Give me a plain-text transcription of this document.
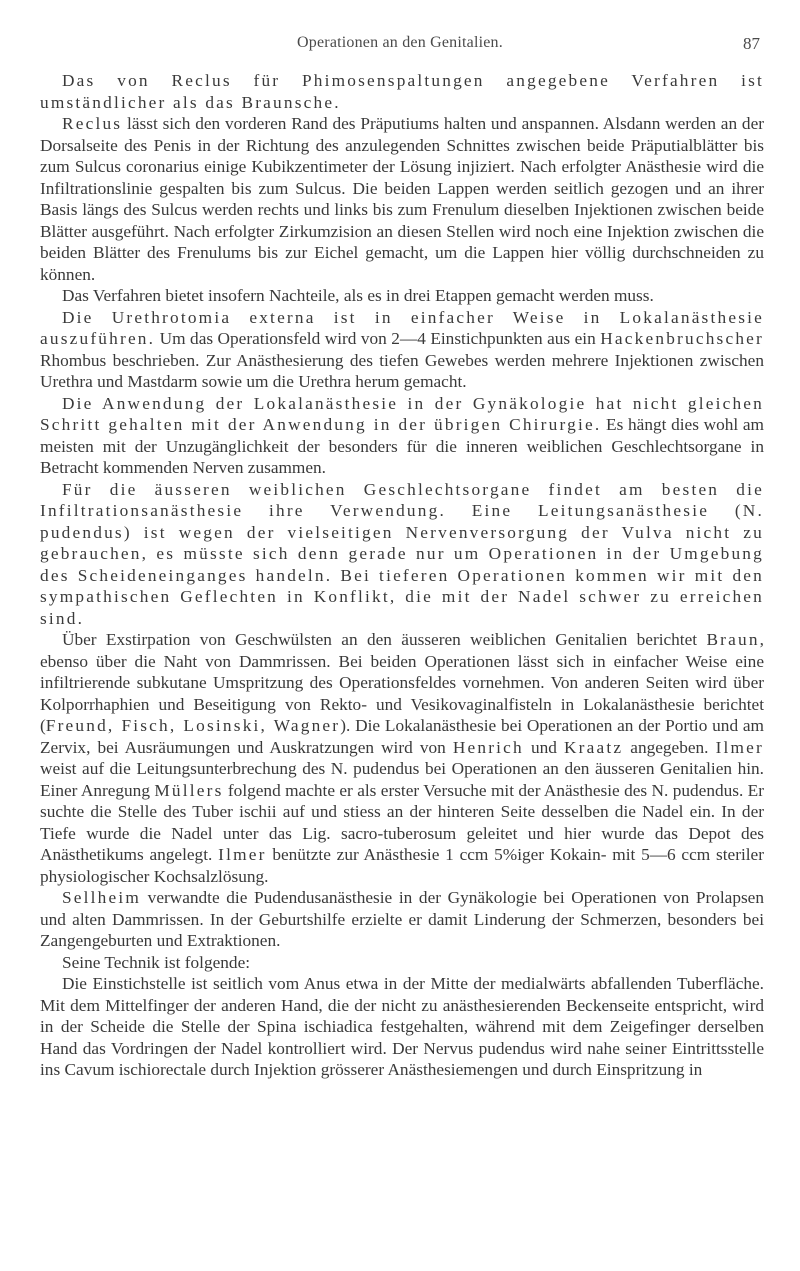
Operationen an den Genitalien.	87

Das von Reclus für Phimosenspaltungen angegebene Verfahren ist umständlicher als das Braunsche.

Reclus lässt sich den vorderen Rand des Präputiums halten und anspannen. Alsdann werden an der Dorsalseite des Penis in der Richtung des anzulegenden Schnittes zwischen beide Präputialblätter bis zum Sulcus coronarius einige Kubikzentimeter der Lösung injiziert. Nach erfolgter Anästhesie wird die Infiltrationslinie gespalten bis zum Sulcus. Die beiden Lappen werden seitlich gezogen und an ihrer Basis längs des Sulcus werden rechts und links bis zum Frenulum dieselben Injektionen zwischen beide Blätter ausgeführt. Nach erfolgter Zirkumzision an diesen Stellen wird noch eine Injektion zwischen die beiden Blätter des Frenulums bis zur Eichel gemacht, um die Lappen hier völlig durchschneiden zu können.

Das Verfahren bietet insofern Nachteile, als es in drei Etappen gemacht werden muss.

Die Urethrotomia externa ist in einfacher Weise in Lokalanästhesie auszuführen. Um das Operationsfeld wird von 2—4 Einstichpunkten aus ein Hackenbruchscher Rhombus beschrieben. Zur Anästhesierung des tiefen Gewebes werden mehrere Injektionen zwischen Urethra und Mastdarm sowie um die Urethra herum gemacht.

Die Anwendung der Lokalanästhesie in der Gynäkologie hat nicht gleichen Schritt gehalten mit der Anwendung in der übrigen Chirurgie. Es hängt dies wohl am meisten mit der Unzugänglichkeit der besonders für die inneren weiblichen Geschlechtsorgane in Betracht kommenden Nerven zusammen.

Für die äusseren weiblichen Geschlechtsorgane findet am besten die Infiltrationsanästhesie ihre Verwendung. Eine Leitungsanästhesie (N. pudendus) ist wegen der vielseitigen Nervenversorgung der Vulva nicht zu gebrauchen, es müsste sich denn gerade nur um Operationen in der Umgebung des Scheideneinganges handeln. Bei tieferen Operationen kommen wir mit den sympathischen Geflechten in Konflikt, die mit der Nadel schwer zu erreichen sind.

Über Exstirpation von Geschwülsten an den äusseren weiblichen Genitalien berichtet Braun, ebenso über die Naht von Dammrissen. Bei beiden Operationen lässt sich in einfacher Weise eine infiltrierende subkutane Umspritzung des Operationsfeldes vornehmen. Von anderen Seiten wird über Kolporrhaphien und Beseitigung von Rekto- und Vesikovaginalfisteln in Lokalanästhesie berichtet (Freund, Fisch, Losinski, Wagner). Die Lokalanästhesie bei Operationen an der Portio und am Zervix, bei Ausräumungen und Auskratzungen wird von Henrich und Kraatz angegeben. Ilmer weist auf die Leitungsunterbrechung des N. pudendus bei Operationen an den äusseren Genitalien hin. Einer Anregung Müllers folgend machte er als erster Versuche mit der Anästhesie des N. pudendus. Er suchte die Stelle des Tuber ischii auf und stiess an der hinteren Seite desselben die Nadel ein. In der Tiefe wurde die Nadel unter das Lig. sacro-tuberosum geleitet und hier wurde das Depot des Anästhetikums angelegt. Ilmer benützte zur Anästhesie 1 ccm 5%iger Kokain- mit 5—6 ccm steriler physiologischer Kochsalzlösung.

Sellheim verwandte die Pudendusanästhesie in der Gynäkologie bei Operationen von Prolapsen und alten Dammrissen. In der Geburtshilfe erzielte er damit Linderung der Schmerzen, besonders bei Zangengeburten und Extraktionen.

Seine Technik ist folgende:

Die Einstichstelle ist seitlich vom Anus etwa in der Mitte der medialwärts abfallenden Tuberfläche. Mit dem Mittelfinger der anderen Hand, die der nicht zu anästhesierenden Beckenseite entspricht, wird in der Scheide die Stelle der Spina ischiadica festgehalten, während mit dem Zeigefinger derselben Hand das Vordringen der Nadel kontrolliert wird. Der Nervus pudendus wird nahe seiner Eintrittsstelle ins Cavum ischiorectale durch Injektion grösserer Anästhesiemengen und durch Einspritzung in
